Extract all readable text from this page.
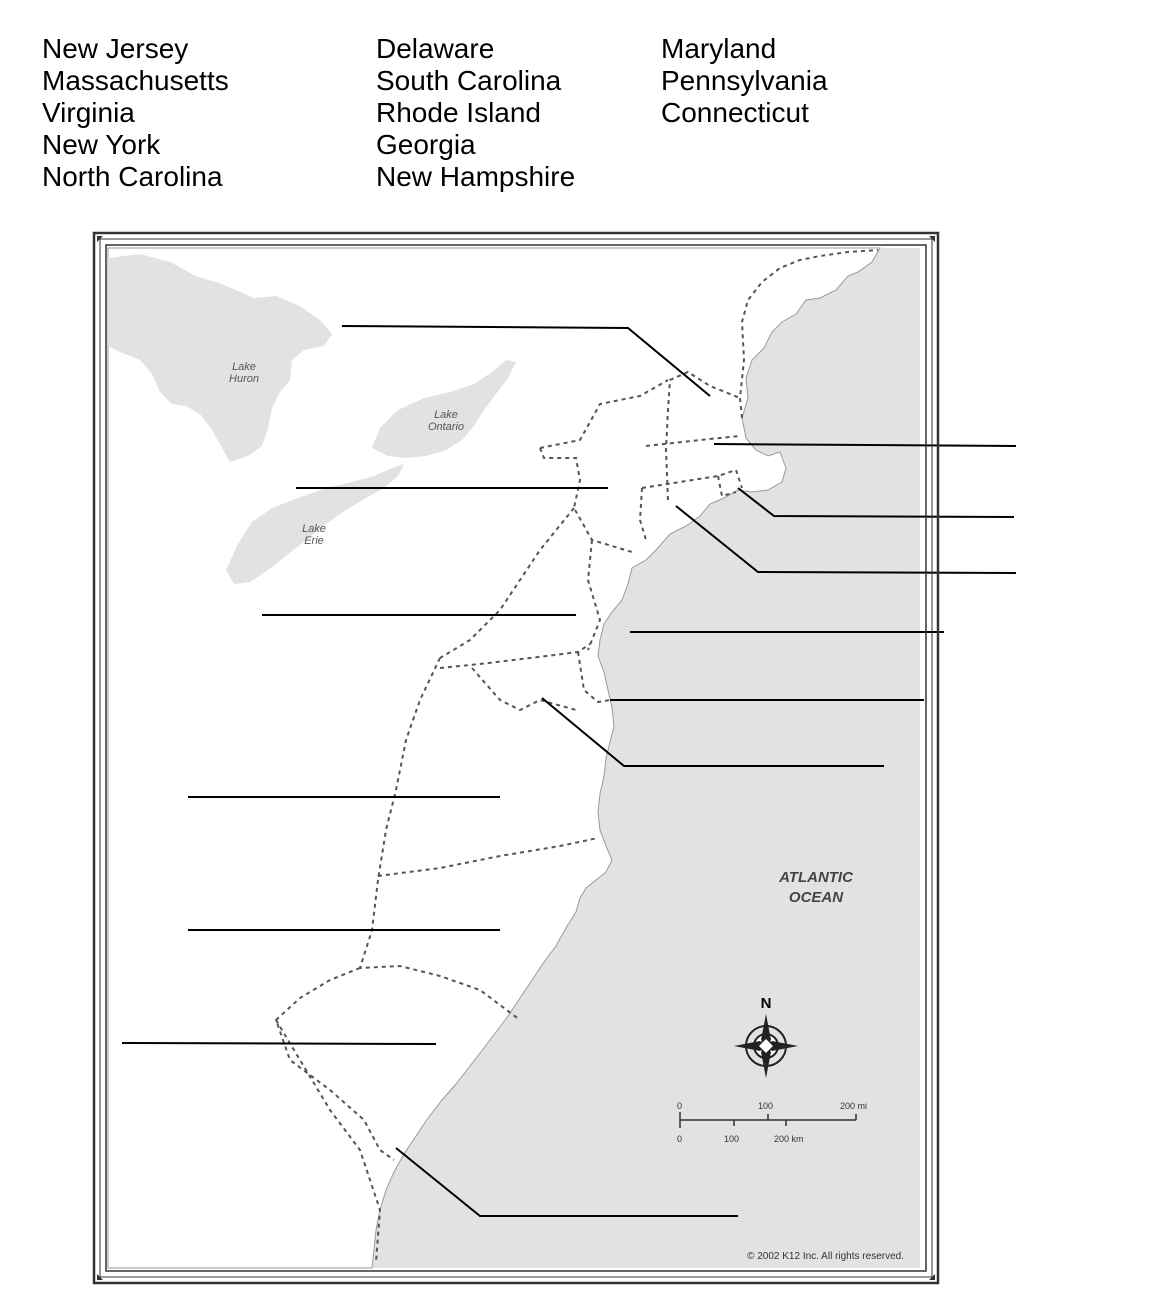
New Jersey
Massachusetts
Virginia
New York
North Carolina
Delaware
South Carolina
Rhode Island
Georgia
New Hampshire
Maryland
Pennsylvania
Connecticut
Lake
Huron
Lake
Ontario
Lake
Erie
ATLANTIC
OCEAN
N
0	100	200 mi
0	100	200 km
© 2002 K12 Inc. All rights reserved.
